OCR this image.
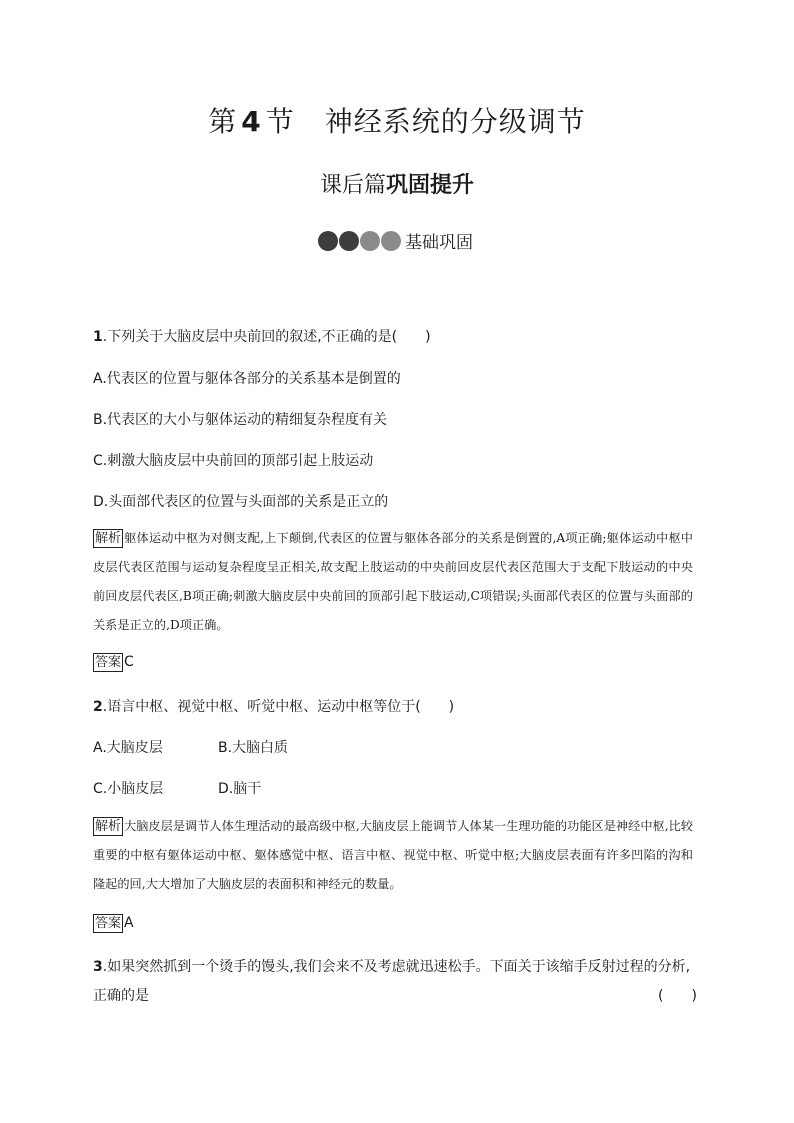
第 4 节 神经系统的分级调节
课后篇巩固提升
基础巩固
1.下列关于大脑皮层中央前回的叙述,不正确的是(　　)
A.代表区的位置与躯体各部分的关系基本是倒置的
B.代表区的大小与躯体运动的精细复杂程度有关
C.刺激大脑皮层中央前回的顶部引起上肢运动
D.头面部代表区的位置与头面部的关系是正立的
解析 躯体运动中枢为对侧支配,上下颠倒,代表区的位置与躯体各部分的关系是倒置的,A项正确;躯体运动中枢中皮层代表区范围与运动复杂程度呈正相关,故支配上肢运动的中央前回皮层代表区范围大于支配下肢运动的中央前回皮层代表区,B项正确;刺激大脑皮层中央前回的顶部引起下肢运动,C项错误;头面部代表区的位置与头面部的关系是正立的,D项正确。
答案 C
2.语言中枢、视觉中枢、听觉中枢、运动中枢等位于(　　)
A.大脑皮层	B.大脑白质
C.小脑皮层	D.脑干
解析 大脑皮层是调节人体生理活动的最高级中枢,大脑皮层上能调节人体某一生理功能的功能区是神经中枢,比较重要的中枢有躯体运动中枢、躯体感觉中枢、语言中枢、视觉中枢、听觉中枢;大脑皮层表面有许多凹陷的沟和隆起的回,大大增加了大脑皮层的表面积和神经元的数量。
答案 A
3.如果突然抓到一个烫手的馒头,我们会来不及考虑就迅速松手。下面关于该缩手反射过程的分析,
正确的是	(　　)
